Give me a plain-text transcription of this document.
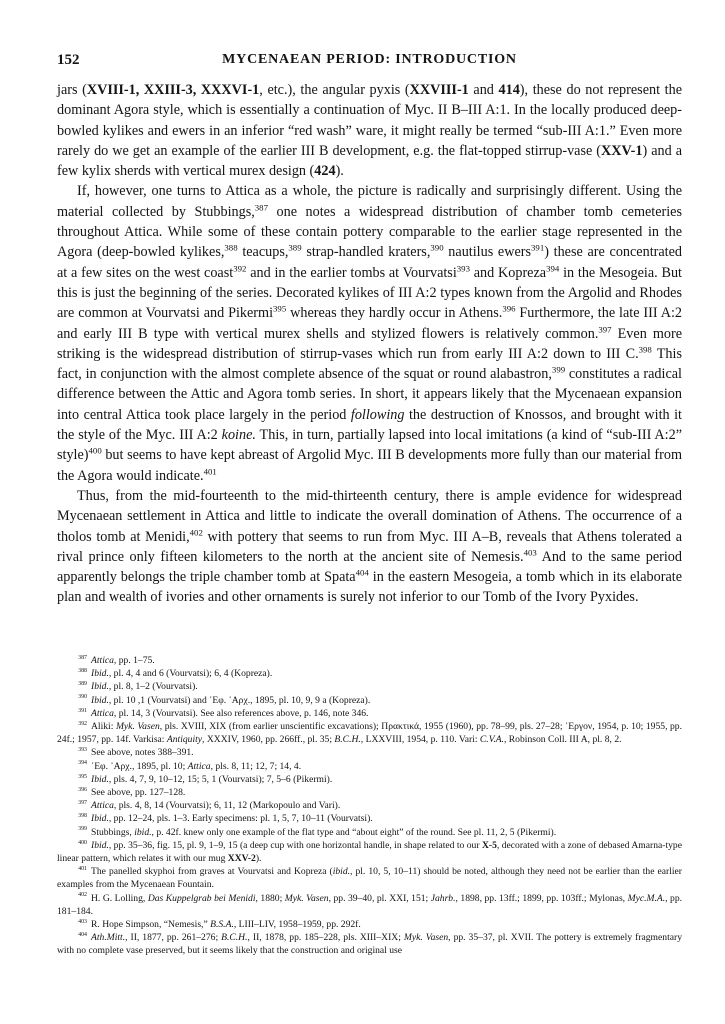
152	MYCENAEAN PERIOD: INTRODUCTION

jars (XVIII-1, XXIII-3, XXXVI-1, etc.), the angular pyxis (XXVIII-1 and 414), these do not represent the dominant Agora style, which is essentially a continuation of Myc. II B–III A:1. In the locally produced deep-bowled kylikes and ewers in an inferior “red wash” ware, it might really be termed “sub-III A:1.” Even more rarely do we get an example of the earlier III B development, e.g. the flat-topped stirrup-vase (XXV-1) and a few kylix sherds with vertical murex design (424).

If, however, one turns to Attica as a whole, the picture is radically and surprisingly different. Using the material collected by Stubbings,$^{387}$ one notes a widespread distribution of chamber tomb cemeteries throughout Attica. While some of these contain pottery comparable to the earlier stage represented in the Agora (deep-bowled kylikes,$^{388}$ teacups,$^{389}$ strap-handled kraters,$^{390}$ nautilus ewers$^{391}$) these are concentrated at a few sites on the west coast$^{392}$ and in the earlier tombs at Vourvatsi$^{393}$ and Kopreza$^{394}$ in the Mesogeia. But this is just the beginning of the series. Decorated kylikes of III A:2 types known from the Argolid and Rhodes are common at Vourvatsi and Pikermi$^{395}$ whereas they hardly occur in Athens.$^{396}$ Furthermore, the late III A:2 and early III B type with vertical murex shells and stylized flowers is relatively common.$^{397}$ Even more striking is the widespread distribution of stirrup-vases which run from early III A:2 down to III C.$^{398}$ This fact, in conjunction with the almost complete absence of the squat or round alabastron,$^{399}$ constitutes a radical difference between the Attic and Agora tomb series. In short, it appears likely that the Mycenaean expansion into central Attica took place largely in the period following the destruction of Knossos, and brought with it the style of the Myc. III A:2 koine. This, in turn, partially lapsed into local imitations (a kind of “sub-III A:2” style)$^{400}$ but seems to have kept abreast of Argolid Myc. III B developments more fully than our material from the Agora would indicate.$^{401}$

Thus, from the mid-fourteenth to the mid-thirteenth century, there is ample evidence for widespread Mycenaean settlement in Attica and little to indicate the overall domination of Athens. The occurrence of a tholos tomb at Menidi,$^{402}$ with pottery that seems to run from Myc. III A–B, reveals that Athens tolerated a rival prince only fifteen kilometers to the north at the ancient site of Nemesis.$^{403}$ And to the same period apparently belongs the triple chamber tomb at Spata$^{404}$ in the eastern Mesogeia, a tomb which in its elaborate plan and wealth of ivories and other ornaments is surely not inferior to our Tomb of the Ivory Pyxides.

$^{387}$ Attica, pp. 1–75.

$^{388}$ Ibid., pl. 4, 4 and 6 (Vourvatsi); 6, 4 (Kopreza).

$^{389}$ Ibid., pl. 8, 1–2 (Vourvatsi).

$^{390}$ Ibid., pl. 10 ,1 (Vourvatsi) and ᾿Eφ. ᾿Aρχ., 1895, pl. 10, 9, 9 a (Kopreza).

$^{391}$ Attica, pl. 14, 3 (Vourvatsi). See also references above, p. 146, note 346.

$^{392}$ Aliki: Myk. Vasen, pls. XVIII, XIX (from earlier unscientific excavations); Πρακτικά, 1955 (1960), pp. 78–99, pls. 27–28; ᾿Eργον, 1954, p. 10; 1955, pp. 24f.; 1957, pp. 14f. Varkisa: Antiquity, XXXIV, 1960, pp. 266ff., pl. 35; B.C.H., LXXVIII, 1954, p. 110. Vari: C.V.A., Robinson Coll. III A, pl. 8, 2.

$^{393}$ See above, notes 388–391.

$^{394}$ ᾿Eφ. ᾿Aρχ., 1895, pl. 10; Attica, pls. 8, 11; 12, 7; 14, 4.

$^{395}$ Ibid., pls. 4, 7, 9, 10–12, 15; 5, 1 (Vourvatsi); 7, 5–6 (Pikermi).

$^{396}$ See above, pp. 127–128.

$^{397}$ Attica, pls. 4, 8, 14 (Vourvatsi); 6, 11, 12 (Markopoulo and Vari).

$^{398}$ Ibid., pp. 12–24, pls. 1–3. Early specimens: pl. 1, 5, 7, 10–11 (Vourvatsi).

$^{399}$ Stubbings, ibid., p. 42f. knew only one example of the flat type and “about eight” of the round. See pl. 11, 2, 5 (Pikermi).

$^{400}$ Ibid., pp. 35–36, fig. 15, pl. 9, 1–9, 15 (a deep cup with one horizontal handle, in shape related to our X-5, decorated with a zone of debased Amarna-type linear pattern, which relates it with our mug XXV-2).

$^{401}$ The panelled skyphoi from graves at Vourvatsi and Kopreza (ibid., pl. 10, 5, 10–11) should be noted, although they need not be earlier than the earlier examples from the Mycenaean Fountain.

$^{402}$ H. G. Lolling, Das Kuppelgrab bei Menidi, 1880; Myk. Vasen, pp. 39–40, pl. XXI, 151; Jahrb., 1898, pp. 13ff.; 1899, pp. 103ff.; Mylonas, Myc.M.A., pp. 181–184.

$^{403}$ R. Hope Simpson, “Nemesis,” B.S.A., LIII–LIV, 1958–1959, pp. 292f.

$^{404}$ Ath.Mitt., II, 1877, pp. 261–276; B.C.H., II, 1878, pp. 185–228, pls. XIII–XIX; Myk. Vasen, pp. 35–37, pl. XVII. The pottery is extremely fragmentary with no complete vase preserved, but it seems likely that the construction and original use
